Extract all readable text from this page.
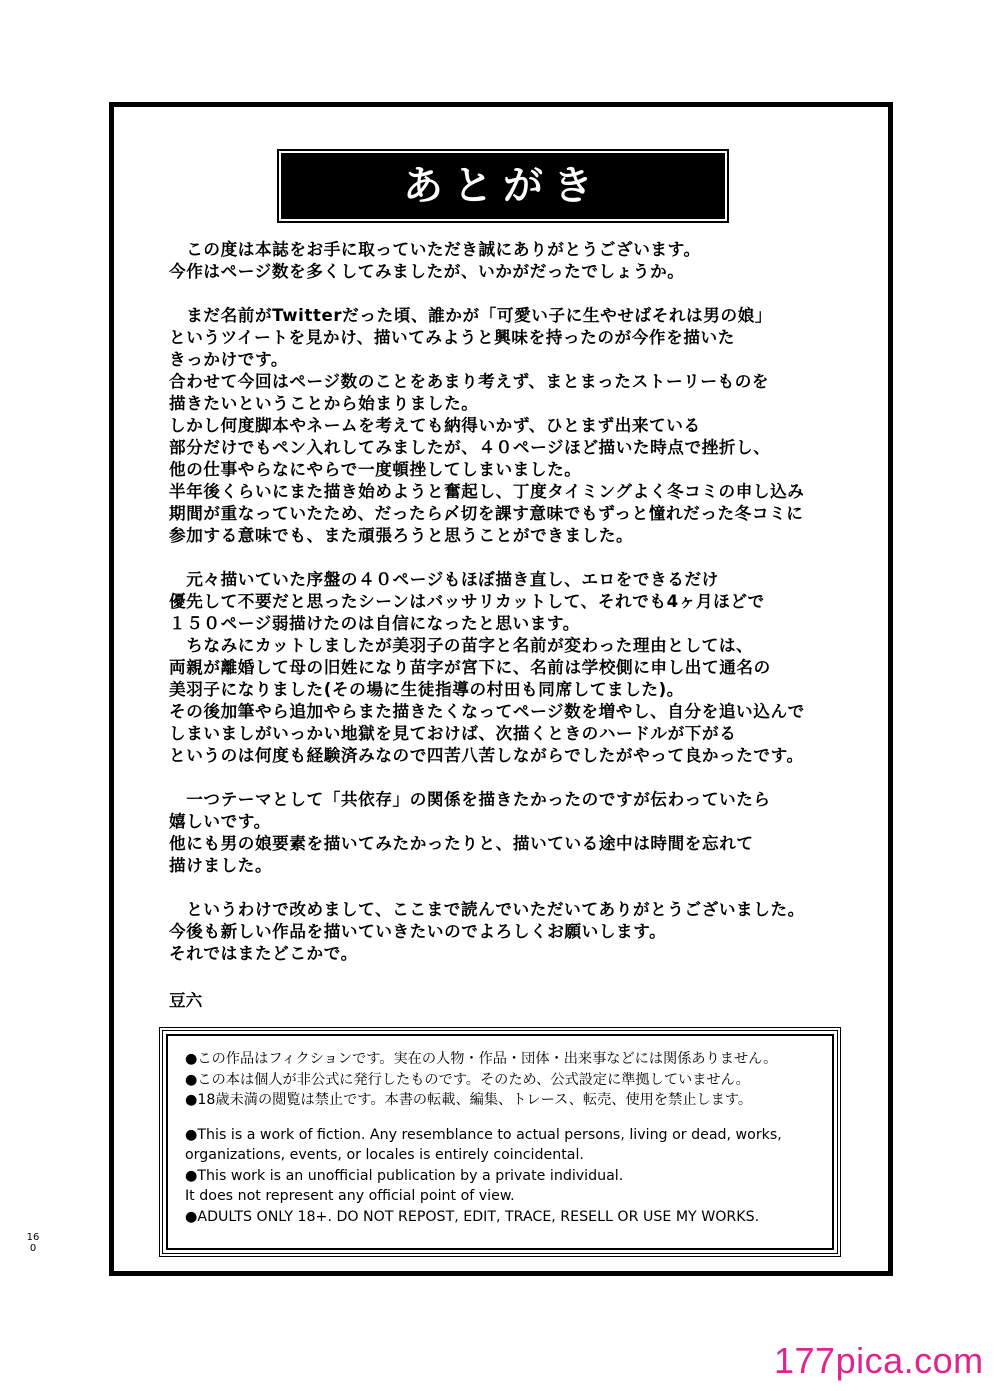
あとがき
　この度は本誌をお手に取っていただき誠にありがとうございます。
今作はページ数を多くしてみましたが、いかがだったでしょうか。
　まだ名前がTwitterだった頃、誰かが「可愛い子に生やせばそれは男の娘」
というツイートを見かけ、描いてみようと興味を持ったのが今作を描いた
きっかけです。
合わせて今回はページ数のことをあまり考えず、まとまったストーリーものを
描きたいということから始まりました。
しかし何度脚本やネームを考えても納得いかず、ひとまず出来ている
部分だけでもペン入れしてみましたが、４０ページほど描いた時点で挫折し、
他の仕事やらなにやらで一度頓挫してしまいました。
半年後くらいにまた描き始めようと奮起し、丁度タイミングよく冬コミの申し込み
期間が重なっていたため、だったら〆切を課す意味でもずっと憧れだった冬コミに
参加する意味でも、また頑張ろうと思うことができました。
　元々描いていた序盤の４０ページもほぼ描き直し、エロをできるだけ
優先して不要だと思ったシーンはバッサリカットして、それでも4ヶ月ほどで
１５０ページ弱描けたのは自信になったと思います。
　ちなみにカットしましたが美羽子の苗字と名前が変わった理由としては、
両親が離婚して母の旧姓になり苗字が宮下に、名前は学校側に申し出て通名の
美羽子になりました(その場に生徒指導の村田も同席してました)。
その後加筆やら追加やらまた描きたくなってページ数を増やし、自分を追い込んで
しまいましがいっかい地獄を見ておけば、次描くときのハードルが下がる
というのは何度も経験済みなので四苦八苦しながらでしたがやって良かったです。
　一つテーマとして「共依存」の関係を描きたかったのですが伝わっていたら
嬉しいです。
他にも男の娘要素を描いてみたかったりと、描いている途中は時間を忘れて
描けました。
　というわけで改めまして、ここまで読んでいただいてありがとうございました。
今後も新しい作品を描いていきたいのでよろしくお願いします。
それではまたどこかで。
豆六
●この作品はフィクションです。実在の人物・作品・団体・出来事などには関係ありません。
●この本は個人が非公式に発行したものです。そのため、公式設定に準拠していません。
●18歳未満の閲覧は禁止です。本書の転載、編集、トレース、転売、使用を禁止します。
●This is a work of fiction. Any resemblance to actual persons, living or dead, works,
organizations, events, or locales is entirely coincidental.
●This work is an unofficial publication by a private individual.
It does not represent any official point of view.
●ADULTS ONLY 18+. DO NOT REPOST, EDIT, TRACE, RESELL OR USE MY WORKS.
160
177pica.com
